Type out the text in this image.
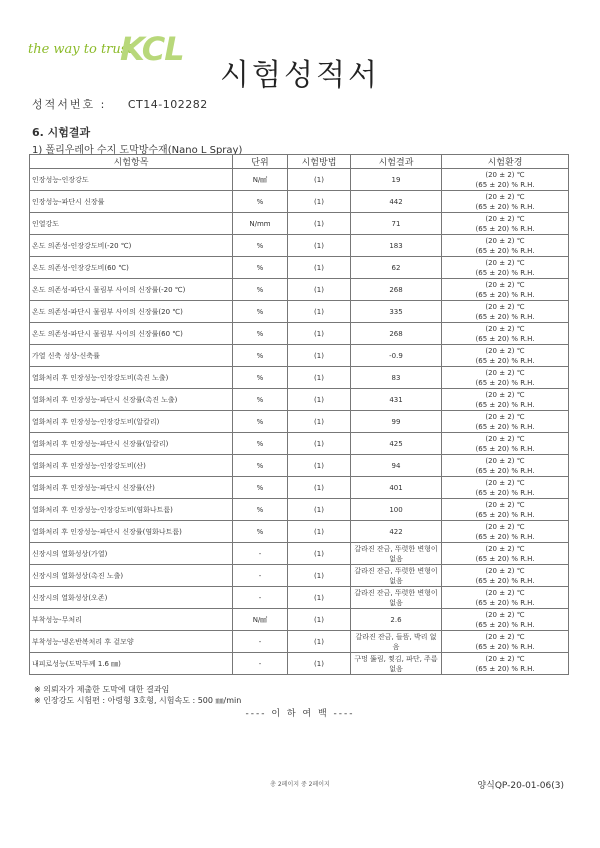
the way to trust
KCL
시험성적서
성적서번호 : CT14-102282
6. 시험결과
1) 폴리우레아 수지 도막방수재(Nano L Spray)
시험항목	단위	시험방법	시험결과	시험환경
인장성능-인장강도	N/㎟	(1)	19	(20 ± 2) ℃
(65 ± 20) % R.H.

인장성능-파단시 신장률	%	(1)	442	(20 ± 2) ℃
(65 ± 20) % R.H.

인열강도	N/mm	(1)	71	(20 ± 2) ℃
(65 ± 20) % R.H.

온도 의존성-인장강도비(-20 ℃)	%	(1)	183	(20 ± 2) ℃
(65 ± 20) % R.H.

온도 의존성-인장강도비(60 ℃)	%	(1)	62	(20 ± 2) ℃
(65 ± 20) % R.H.

온도 의존성-파단시 물림부 사이의 신장률(-20 ℃)	%	(1)	268	(20 ± 2) ℃
(65 ± 20) % R.H.

온도 의존성-파단시 물림부 사이의 신장률(20 ℃)	%	(1)	335	(20 ± 2) ℃
(65 ± 20) % R.H.

온도 의존성-파단시 물림부 사이의 신장률(60 ℃)	%	(1)	268	(20 ± 2) ℃
(65 ± 20) % R.H.

가열 신축 성상-신축률	%	(1)	-0.9	(20 ± 2) ℃
(65 ± 20) % R.H.

열화처리 후 인장성능-인장강도비(촉진 노출)	%	(1)	83	(20 ± 2) ℃
(65 ± 20) % R.H.

열화처리 후 인장성능-파단시 신장률(촉진 노출)	%	(1)	431	(20 ± 2) ℃
(65 ± 20) % R.H.

열화처리 후 인장성능-인장강도비(알칼리)	%	(1)	99	(20 ± 2) ℃
(65 ± 20) % R.H.

열화처리 후 인장성능-파단시 신장률(알칼리)	%	(1)	425	(20 ± 2) ℃
(65 ± 20) % R.H.

열화처리 후 인장성능-인장강도비(산)	%	(1)	94	(20 ± 2) ℃
(65 ± 20) % R.H.

열화처리 후 인장성능-파단시 신장률(산)	%	(1)	401	(20 ± 2) ℃
(65 ± 20) % R.H.

열화처리 후 인장성능-인장강도비(염화나트륨)	%	(1)	100	(20 ± 2) ℃
(65 ± 20) % R.H.

열화처리 후 인장성능-파단시 신장률(염화나트륨)	%	(1)	422	(20 ± 2) ℃
(65 ± 20) % R.H.

신장시의 열화성상(가열)	-	(1)	갈라진 잔금, 뚜렷한 변형이 없음	(20 ± 2) ℃
(65 ± 20) % R.H.

신장시의 열화성상(촉진 노출)	-	(1)	갈라진 잔금, 뚜렷한 변형이 없음	(20 ± 2) ℃
(65 ± 20) % R.H.

신장시의 열화성상(오존)	-	(1)	갈라진 잔금, 뚜렷한 변형이 없음	(20 ± 2) ℃
(65 ± 20) % R.H.

부착성능-무처리	N/㎟	(1)	2.6	(20 ± 2) ℃
(65 ± 20) % R.H.

부착성능-냉온반복처리 후 겉모양	-	(1)	갈라진 잔금, 들뜸, 박리 없음	(20 ± 2) ℃
(65 ± 20) % R.H.

내피로성능(도막두께 1.6 ㎜)	-	(1)	구멍 뚫림, 찢김, 파단, 주름 없음	(20 ± 2) ℃
(65 ± 20) % R.H.
※ 의뢰자가 제출한 도막에 대한 결과임
※ 인장강도 시험편 : 아령형 3호형, 시험속도 : 500 ㎜/min
---- 이 하 여 백 ----
총 2페이지 중 2페이지	양식QP-20-01-06(3)
